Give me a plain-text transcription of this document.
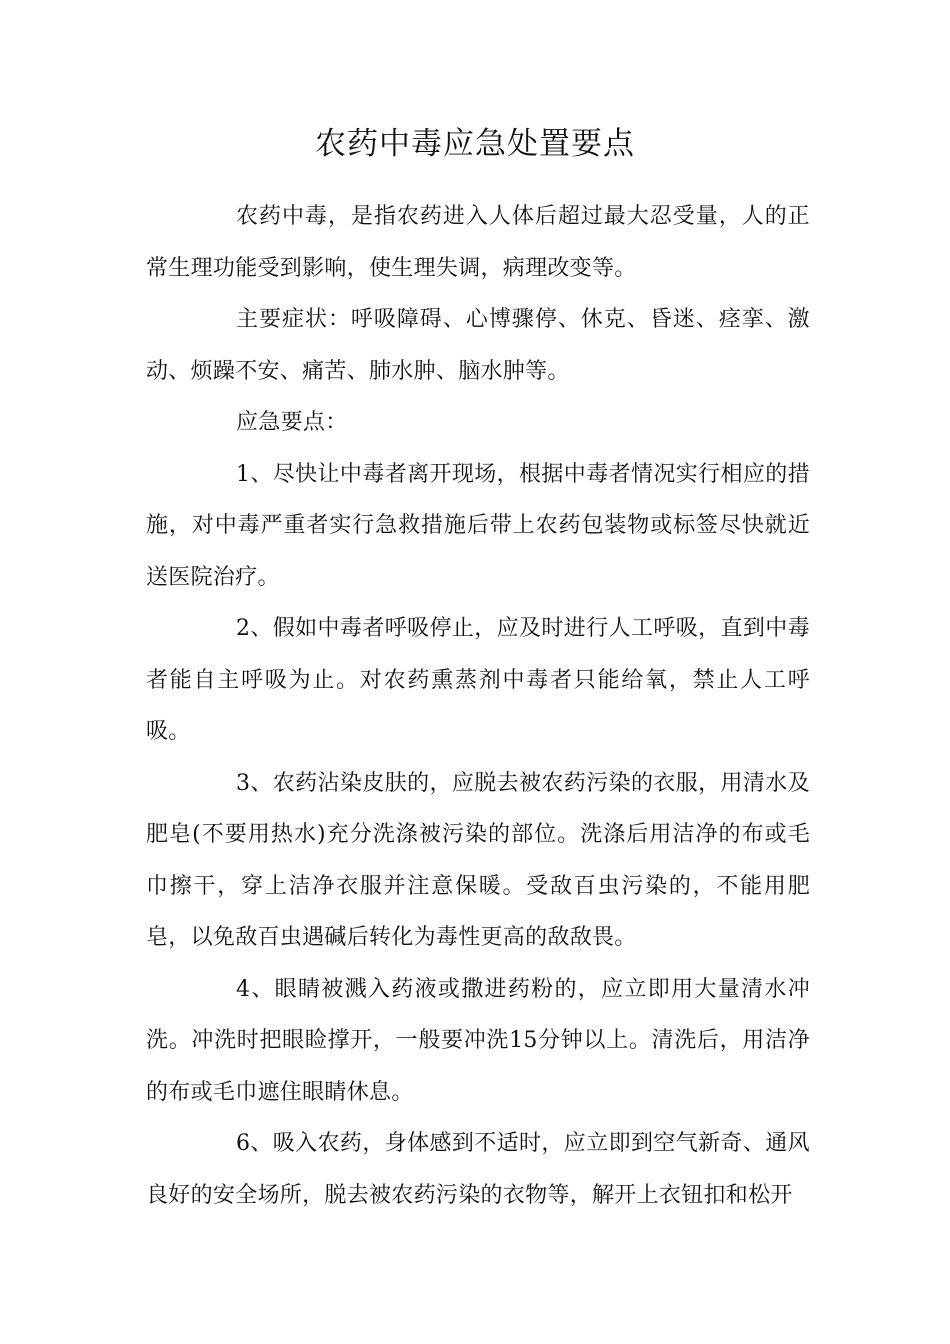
农药中毒应急处置要点

农药中毒，是指农药进入人体后超过最大忍受量，人的正常生理功能受到影响，使生理失调，病理改变等。

主要症状：呼吸障碍、心博骤停、休克、昏迷、痉挛、激动、烦躁不安、痛苦、肺水肿、脑水肿等。

应急要点：

1、尽快让中毒者离开现场，根据中毒者情况实行相应的措施，对中毒严重者实行急救措施后带上农药包装物或标签尽快就近送医院治疗。

2、假如中毒者呼吸停止，应及时进行人工呼吸，直到中毒者能自主呼吸为止。对农药熏蒸剂中毒者只能给氧，禁止人工呼吸。

3、农药沾染皮肤的，应脱去被农药污染的衣服，用清水及肥皂(不要用热水)充分洗涤被污染的部位。洗涤后用洁净的布或毛巾擦干，穿上洁净衣服并注意保暖。受敌百虫污染的，不能用肥皂，以免敌百虫遇碱后转化为毒性更高的敌敌畏。

4、眼睛被溅入药液或撒进药粉的，应立即用大量清水冲洗。冲洗时把眼睑撑开，一般要冲洗15分钟以上。清洗后，用洁净的布或毛巾遮住眼睛休息。

6、吸入农药，身体感到不适时，应立即到空气新奇、通风良好的安全场所，脱去被农药污染的衣物等，解开上衣钮扣和松开
